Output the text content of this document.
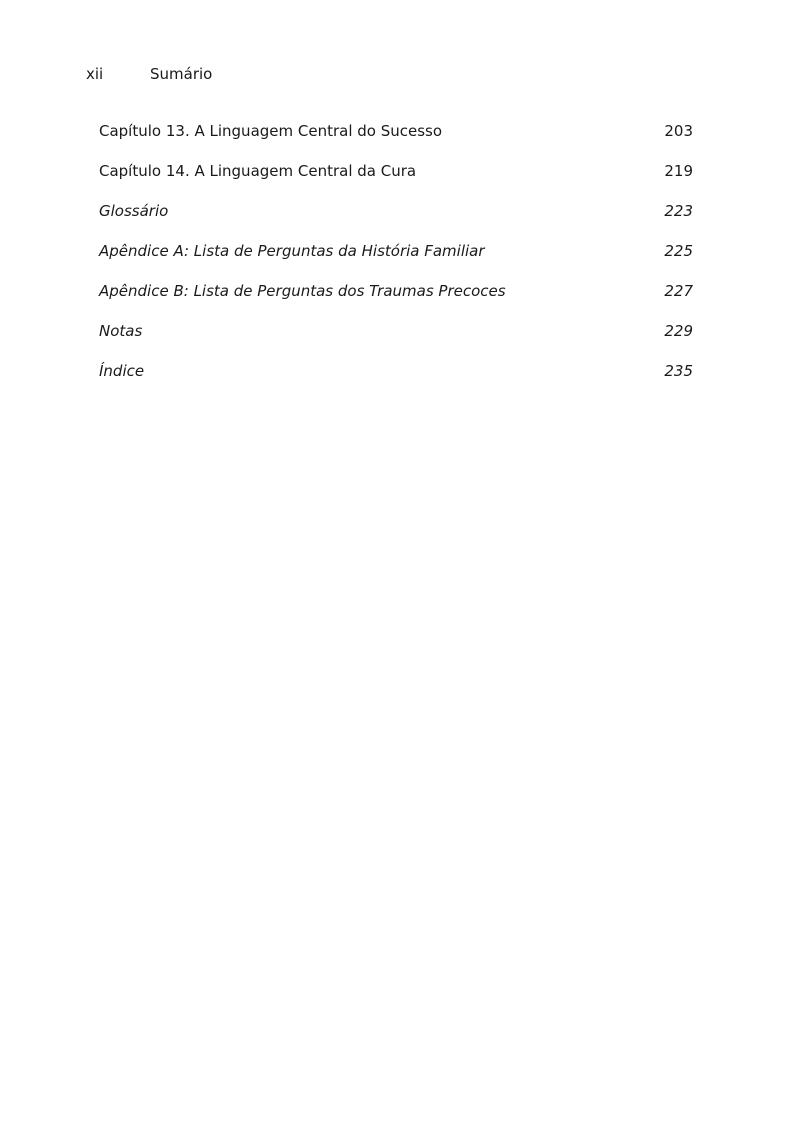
xii	Sumário
Capítulo 13. A Linguagem Central do Sucesso	203
Capítulo 14. A Linguagem Central da Cura	219
Glossário	223
Apêndice A: Lista de Perguntas da História Familiar	225
Apêndice B: Lista de Perguntas dos Traumas Precoces	227
Notas	229
Índice	235
